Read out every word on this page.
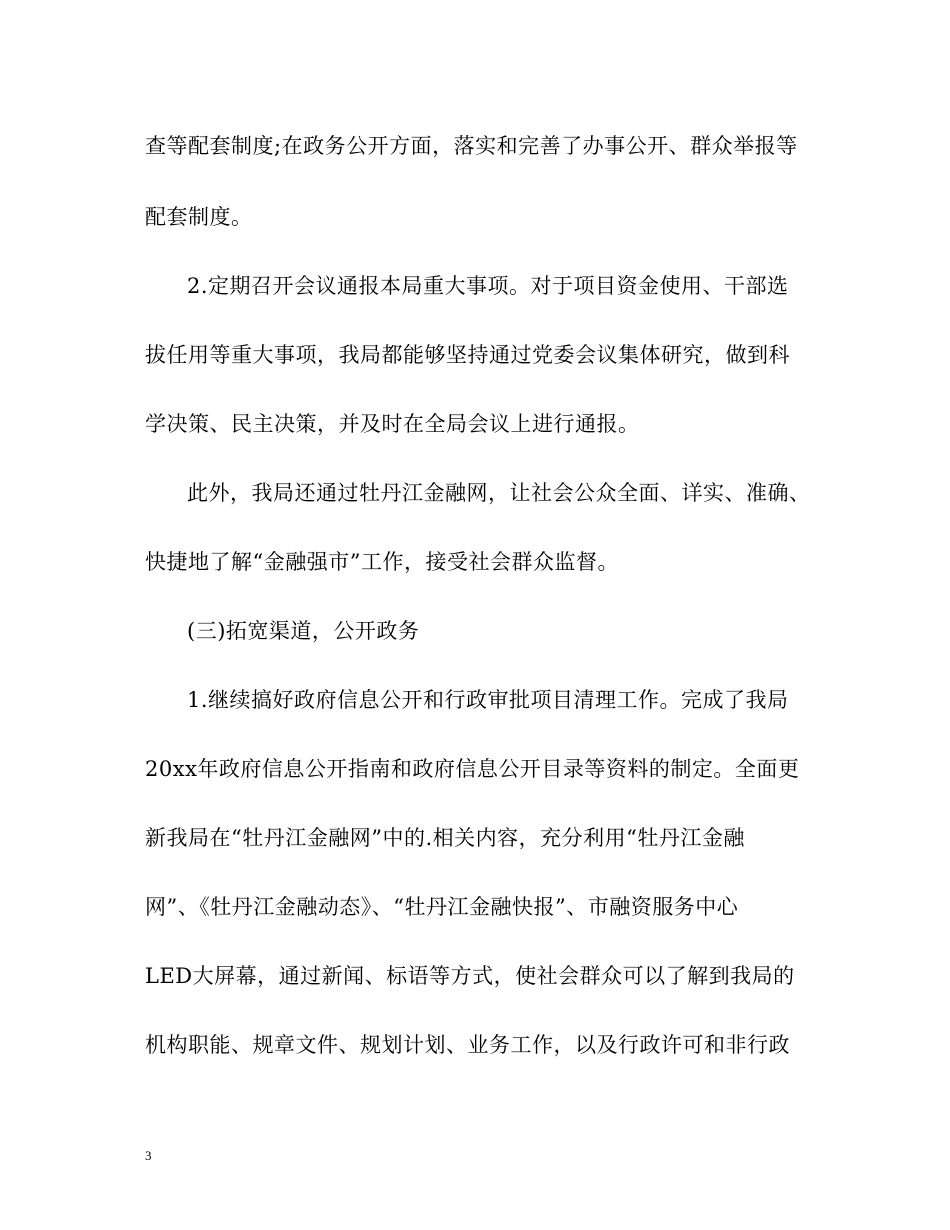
查等配套制度;在政务公开方面，落实和完善了办事公开、群众举报等
配套制度。
2.定期召开会议通报本局重大事项。对于项目资金使用、干部选
拔任用等重大事项，我局都能够坚持通过党委会议集体研究，做到科
学决策、民主决策，并及时在全局会议上进行通报。
此外，我局还通过牡丹江金融网，让社会公众全面、详实、准确、
快捷地了解“金融强市”工作，接受社会群众监督。
(三)拓宽渠道，公开政务
1.继续搞好政府信息公开和行政审批项目清理工作。完成了我局
20xx年政府信息公开指南和政府信息公开目录等资料的制定。全面更
新我局在“牡丹江金融网”中的.相关内容，充分利用“牡丹江金融
网”、《牡丹江金融动态》、“牡丹江金融快报”、市融资服务中心
LED大屏幕，通过新闻、标语等方式，使社会群众可以了解到我局的
机构职能、规章文件、规划计划、业务工作，以及行政许可和非行政
3
